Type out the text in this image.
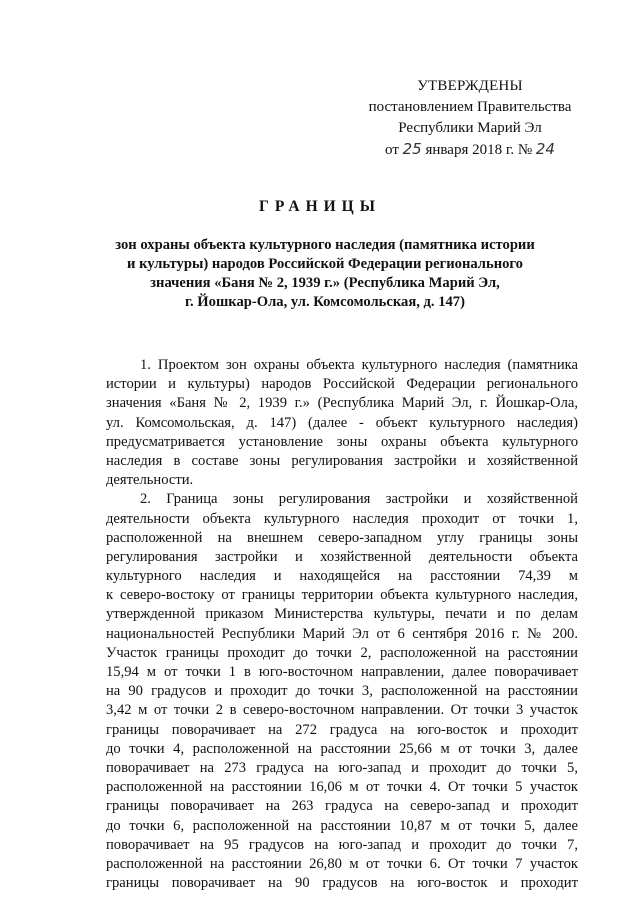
УТВЕРЖДЕНЫ
постановлением Правительства
Республики Марий Эл
от 25 января 2018 г. № 24
ГРАНИЦЫ
зон охраны объекта культурного наследия (памятника истории
и культуры) народов Российской Федерации регионального
значения «Баня № 2, 1939 г.» (Республика Марий Эл,
г. Йошкар-Ола, ул. Комсомольская, д. 147)
1. Проектом зон охраны объекта культурного наследия (памятника
истории и культуры) народов Российской Федерации регионального
значения «Баня № 2, 1939 г.» (Республика Марий Эл, г. Йошкар-Ола,
ул. Комсомольская, д. 147) (далее - объект культурного наследия)
предусматривается установление зоны охраны объекта культурного
наследия в составе зоны регулирования застройки и хозяйственной
деятельности.
2. Граница зоны регулирования застройки и хозяйственной
деятельности объекта культурного наследия проходит от точки 1,
расположенной на внешнем северо-западном углу границы зоны
регулирования застройки и хозяйственной деятельности объекта
культурного наследия и находящейся на расстоянии 74,39 м
к северо-востоку от границы территории объекта культурного наследия,
утвержденной приказом Министерства культуры, печати и по делам
национальностей Республики Марий Эл от 6 сентября 2016 г. № 200.
Участок границы проходит до точки 2, расположенной на расстоянии
15,94 м от точки 1 в юго-восточном направлении, далее поворачивает
на 90 градусов и проходит до точки 3, расположенной на расстоянии
3,42 м от точки 2 в северо-восточном направлении. От точки 3 участок
границы поворачивает на 272 градуса на юго-восток и проходит
до точки 4, расположенной на расстоянии 25,66 м от точки 3, далее
поворачивает на 273 градуса на юго-запад и проходит до точки 5,
расположенной на расстоянии 16,06 м от точки 4. От точки 5 участок
границы поворачивает на 263 градуса на северо-запад и проходит
до точки 6, расположенной на расстоянии 10,87 м от точки 5, далее
поворачивает на 95 градусов на юго-запад и проходит до точки 7,
расположенной на расстоянии 26,80 м от точки 6. От точки 7 участок
границы поворачивает на 90 градусов на юго-восток и проходит
